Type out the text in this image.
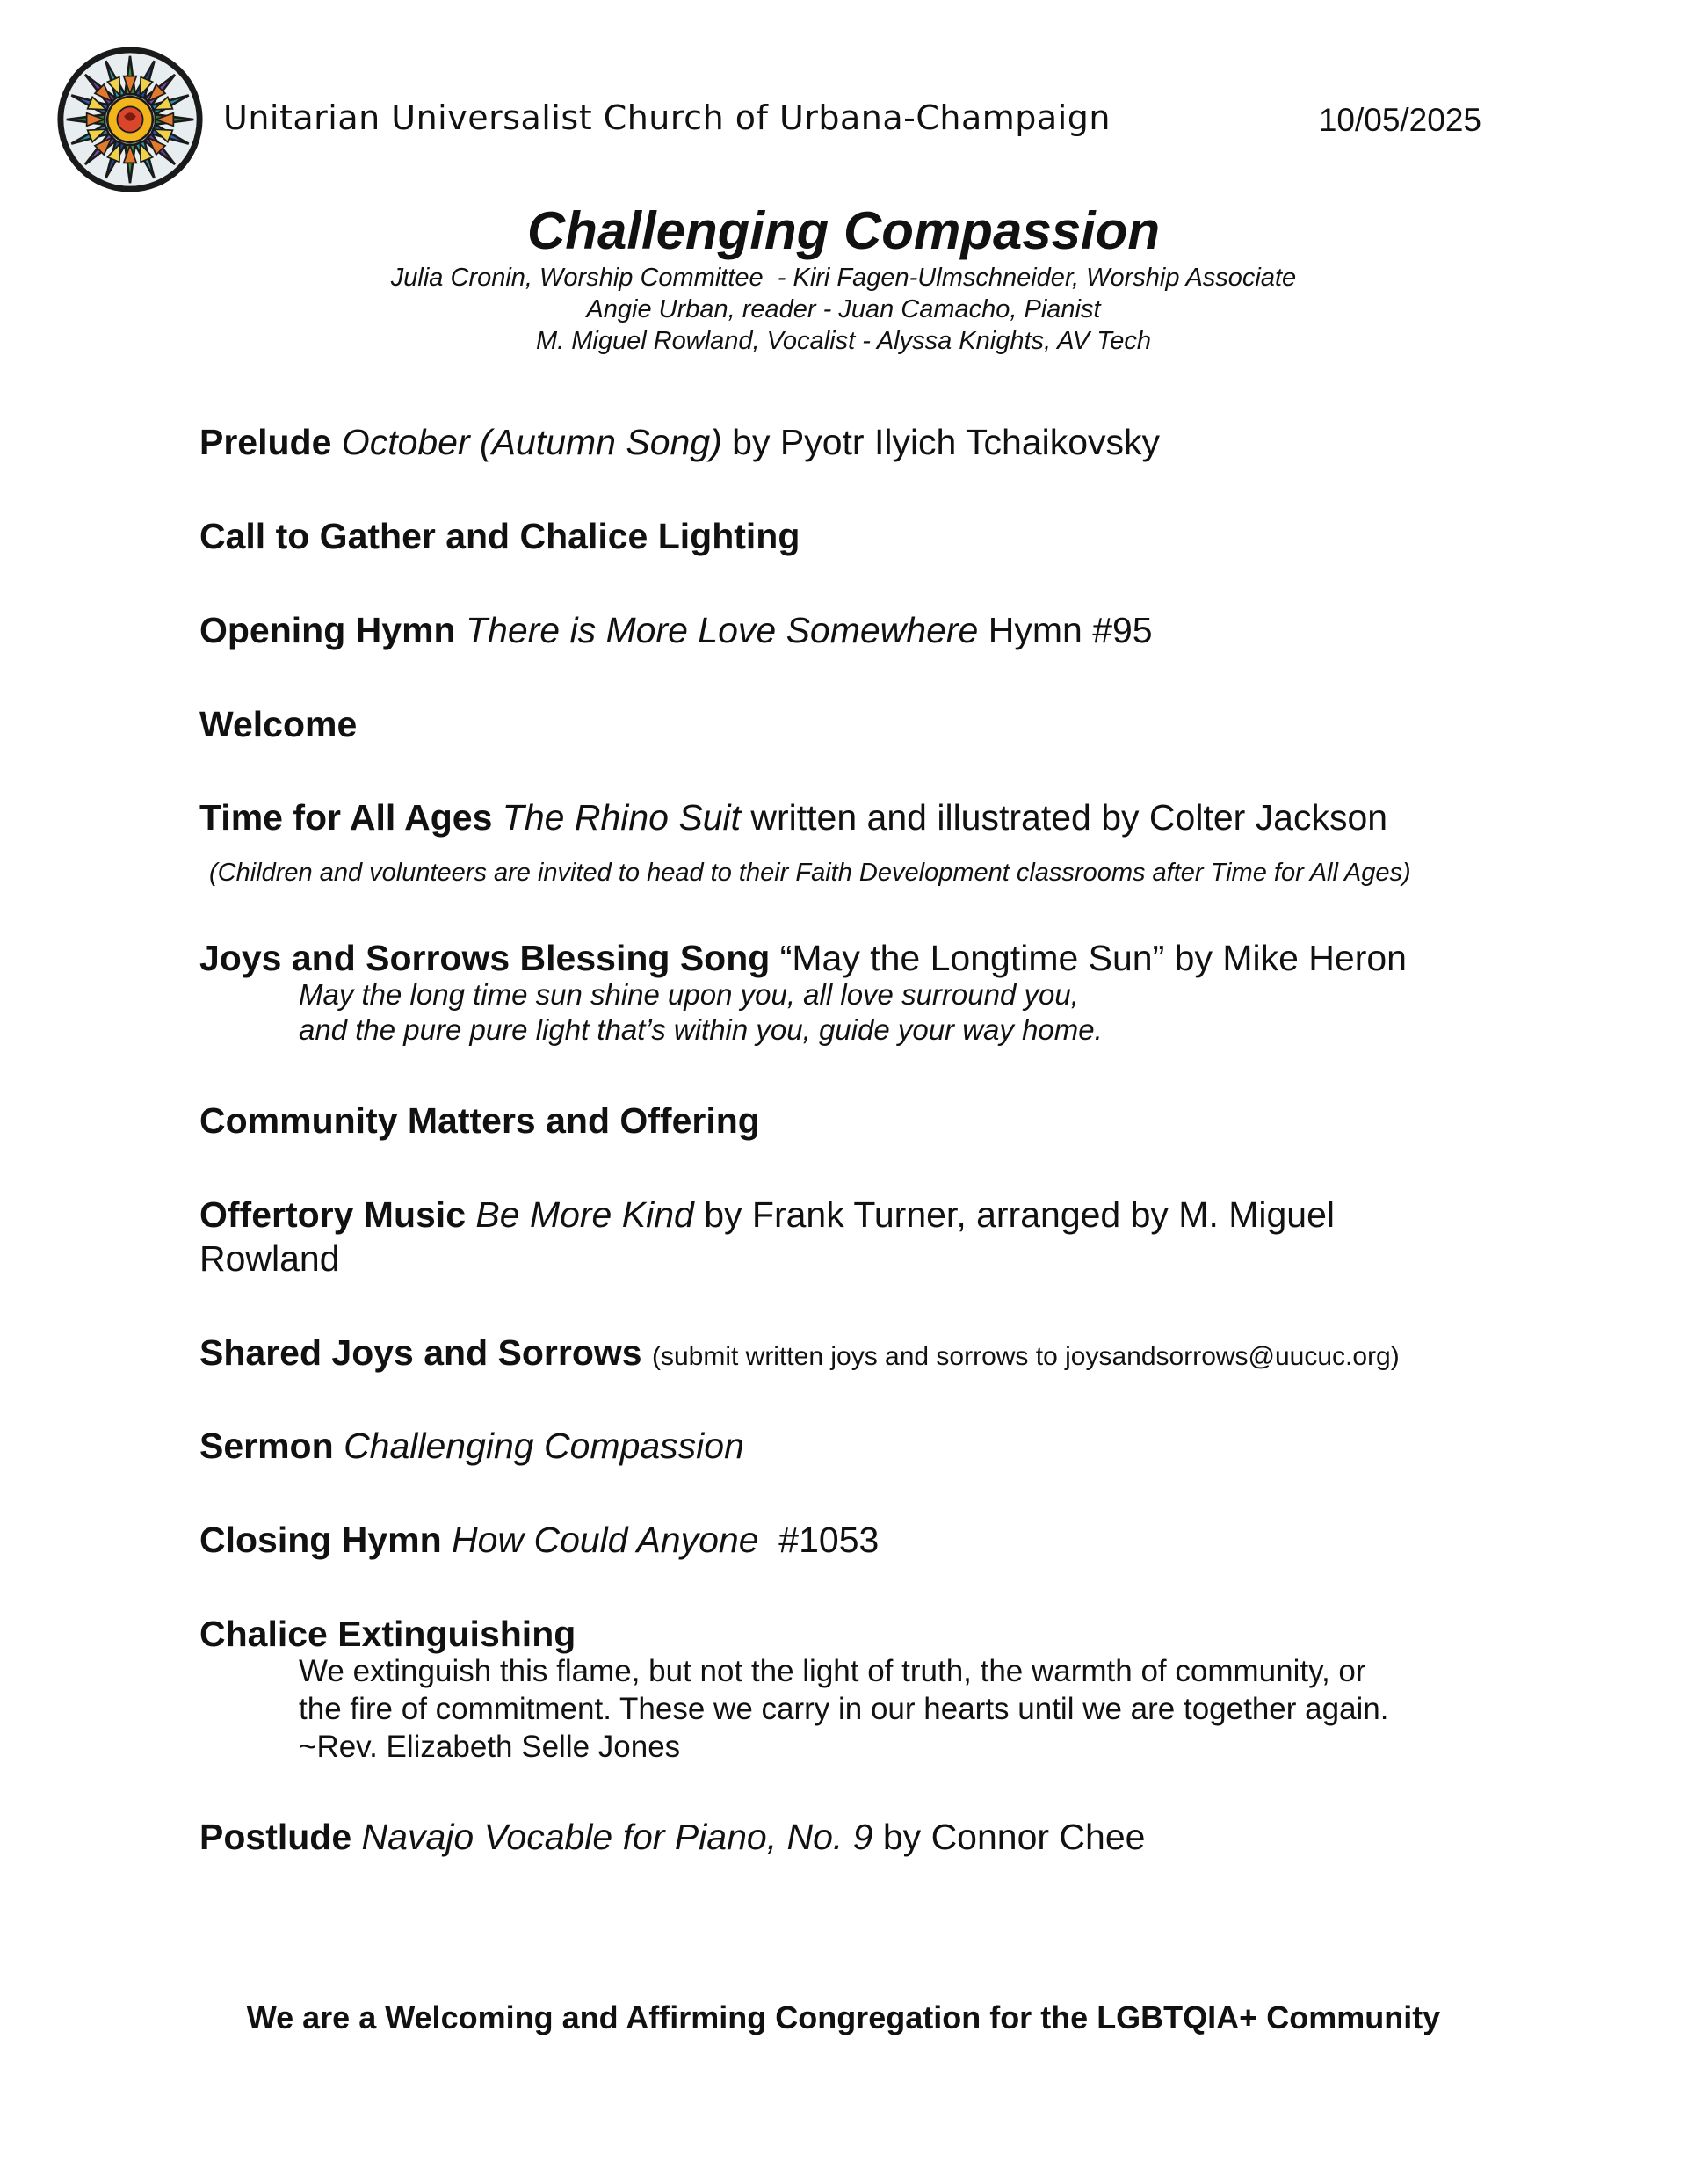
Unitarian Universalist Church of Urbana-Champaign	10/05/2025
Challenging Compassion
Julia Cronin, Worship Committee  - Kiri Fagen-Ulmschneider, Worship Associate
Angie Urban, reader - Juan Camacho, Pianist
M. Miguel Rowland, Vocalist - Alyssa Knights, AV Tech
Prelude October (Autumn Song) by Pyotr Ilyich Tchaikovsky
Call to Gather and Chalice Lighting
Opening Hymn There is More Love Somewhere Hymn #95
Welcome
Time for All Ages The Rhino Suit written and illustrated by Colter Jackson
(Children and volunteers are invited to head to their Faith Development classrooms after Time for All Ages)
Joys and Sorrows Blessing Song “May the Longtime Sun” by Mike Heron
May the long time sun shine upon you, all love surround you,
and the pure pure light that’s within you, guide your way home.
Community Matters and Offering
Offertory Music Be More Kind by Frank Turner, arranged by M. Miguel
Rowland
Shared Joys and Sorrows (submit written joys and sorrows to joysandsorrows@uucuc.org)
Sermon Challenging Compassion
Closing Hymn How Could Anyone  #1053
Chalice Extinguishing
We extinguish this flame, but not the light of truth, the warmth of community, or
the fire of commitment. These we carry in our hearts until we are together again.
~Rev. Elizabeth Selle Jones
Postlude Navajo Vocable for Piano, No. 9 by Connor Chee
We are a Welcoming and Affirming Congregation for the LGBTQIA+ Community
